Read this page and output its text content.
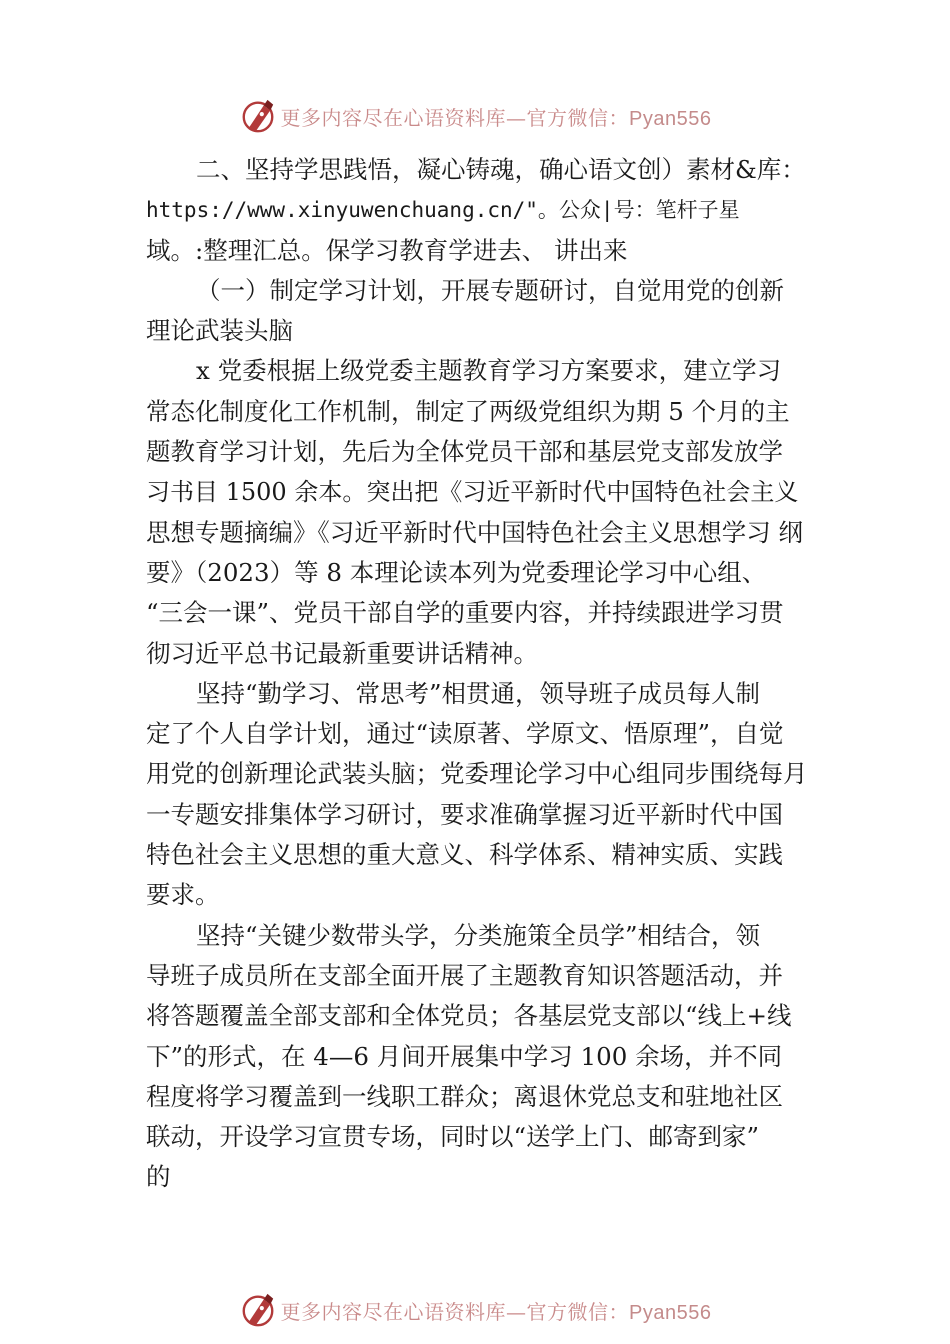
更多内容尽在心语资料库—官方微信：Pyan556
二、坚持学思践悟，凝心铸魂，确心语文创）素材&库：
https://www.xinyuwenchuang.cn/"。公众|号：笔杆子星
域。:整理汇总。保学习教育学进去、 讲出来
（一）制定学习计划，开展专题研讨，自觉用党的创新
理论武装头脑
x 党委根据上级党委主题教育学习方案要求，建立学习
常态化制度化工作机制，制定了两级党组织为期 5 个月的主
题教育学习计划，先后为全体党员干部和基层党支部发放学
习书目 1500 余本。突出把《习近平新时代中国特色社会主义
思想专题摘编》《习近平新时代中国特色社会主义思想学习 纲
要》（2023）等 8 本理论读本列为党委理论学习中心组、
“三会一课”、党员干部自学的重要内容，并持续跟进学习贯
彻习近平总书记最新重要讲话精神。
坚持“勤学习、常思考”相贯通，领导班子成员每人制
定了个人自学计划，通过“读原著、学原文、悟原理”，自觉
用党的创新理论武装头脑；党委理论学习中心组同步围绕每月
一专题安排集体学习研讨，要求准确掌握习近平新时代中国
特色社会主义思想的重大意义、科学体系、精神实质、实践
要求。
坚持“关键少数带头学，分类施策全员学”相结合，领
导班子成员所在支部全面开展了主题教育知识答题活动，并
将答题覆盖全部支部和全体党员；各基层党支部以“线上+线
下”的形式，在 4—6 月间开展集中学习 100 余场，并不同
程度将学习覆盖到一线职工群众；离退休党总支和驻地社区
联动，开设学习宣贯专场，同时以“送学上门、邮寄到家”
的
更多内容尽在心语资料库—官方微信：Pyan556
